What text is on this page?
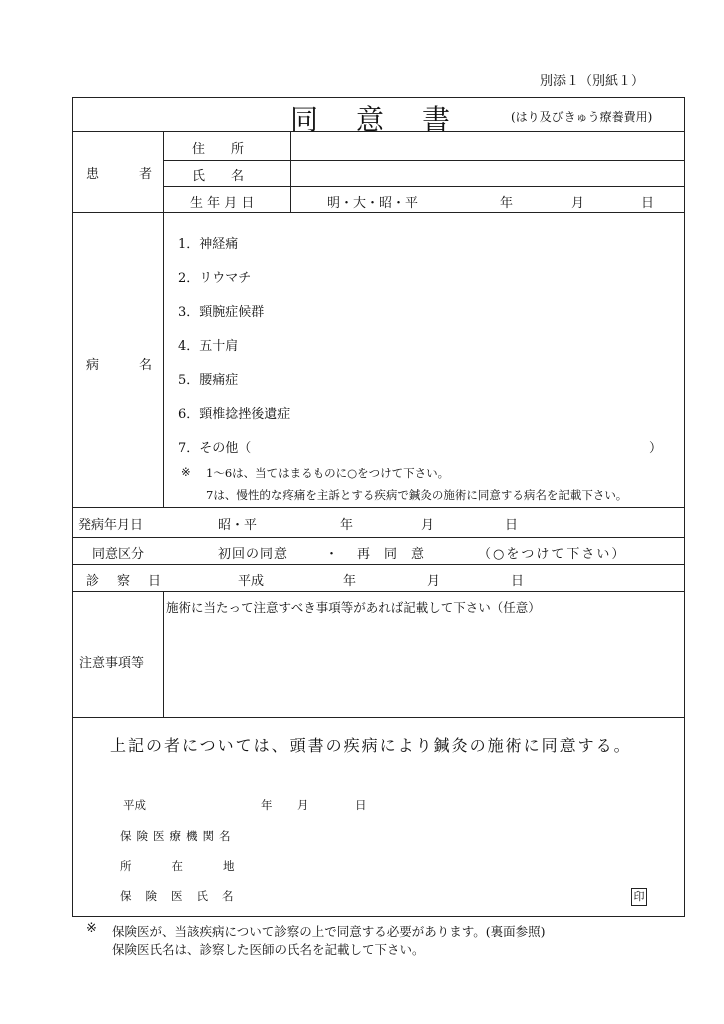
別添１（別紙１）
同意書 (はり及びきゅう療養費用)
患者
住　　所
氏　　名
生 年 月 日	明・大・昭・平	年	月	日
病名
1．神経痛
2．リウマチ
3．頸腕症候群
4．五十肩
5．腰痛症
6．頸椎捻挫後遺症
7．その他（	）
※ 1～6は、当てはまるものに○をつけて下さい。
7は、慢性的な疼痛を主訴とする疾病で鍼灸の施術に同意する病名を記載下さい。
発病年月日	昭・平	年	月	日
同意区分	初回の同意	・ 再同意	（○をつけて下さい）
診察日	平成	年	月	日
注意事項等
施術に当たって注意すべき事項等があれば記載して下さい（任意）
上記の者については、頭書の疾病により鍼灸の施術に同意する。
平成	年 月	日
保険医療機関名
所在地
保険医氏名	印
※ 保険医が、当該疾病について診察の上で同意する必要があります。(裏面参照)
保険医氏名は、診察した医師の氏名を記載して下さい。
